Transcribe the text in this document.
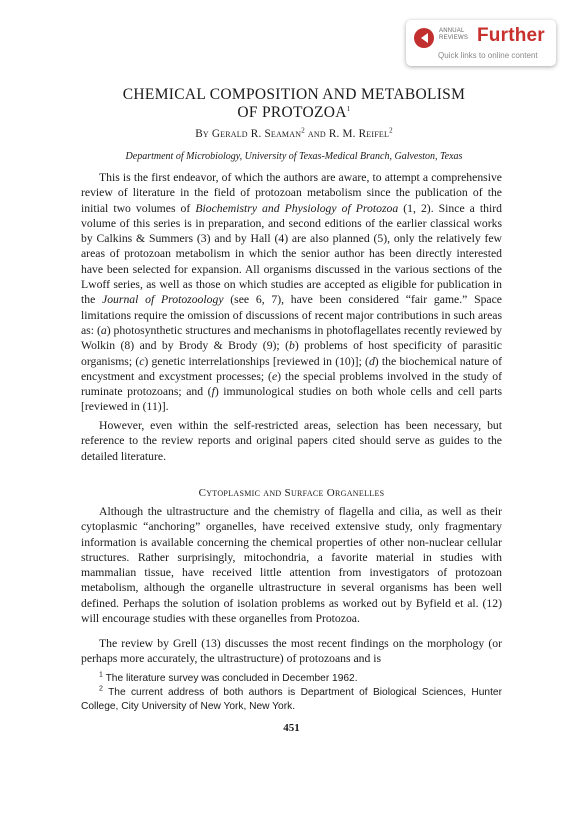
ANNUAL
REVIEWS Further
Quick links to online content
CHEMICAL COMPOSITION AND METABOLISM
OF PROTOZOA$^1$
By Gerald R. Seaman$^2$ and R. M. Reifel$^2$
Department of Microbiology, University of Texas-Medical Branch, Galveston, Texas

This is the first endeavor, of which the authors are aware, to attempt a comprehensive review of literature in the field of protozoan metabolism since the publication of the initial two volumes of Biochemistry and Physiology of Protozoa (1, 2). Since a third volume of this series is in preparation, and second editions of the earlier classical works by Calkins & Summers (3) and by Hall (4) are also planned (5), only the relatively few areas of protozoan metabolism in which the senior author has been directly interested have been selected for expansion. All organisms discussed in the various sections of the Lwoff series, as well as those on which studies are accepted as eligible for publication in the Journal of Protozoology (see 6, 7), have been considered “fair game.” Space limitations require the omission of discussions of recent major contributions in such areas as: (a) photosynthetic structures and mechanisms in photoflagellates recently reviewed by Wolkin (8) and by Brody & Brody (9); (b) problems of host specificity of parasitic organisms; (c) genetic interrelationships [reviewed in (10)]; (d) the biochemical nature of encystment and excystment processes; (e) the special problems involved in the study of ruminate protozoans; and (f) immunological studies on both whole cells and cell parts [reviewed in (11)].

However, even within the self-restricted areas, selection has been necessary, but reference to the review reports and original papers cited should serve as guides to the detailed literature.

Cytoplasmic and Surface Organelles

Although the ultrastructure and the chemistry of flagella and cilia, as well as their cytoplasmic “anchoring” organelles, have received extensive study, only fragmentary information is available concerning the chemical properties of other non-nuclear cellular structures. Rather surprisingly, mitochondria, a favorite material in studies with mammalian tissue, have received little attention from investigators of protozoan metabolism, although the organelle ultrastructure in several organisms has been well defined. Perhaps the solution of isolation problems as worked out by Byfield et al. (12) will encourage studies with these organelles from Protozoa.

The review by Grell (13) discusses the most recent findings on the morphology (or perhaps more accurately, the ultrastructure) of protozoans and is

$^1$ The literature survey was concluded in December 1962.

$^2$ The current address of both authors is Department of Biological Sciences, Hunter College, City University of New York, New York.

451
